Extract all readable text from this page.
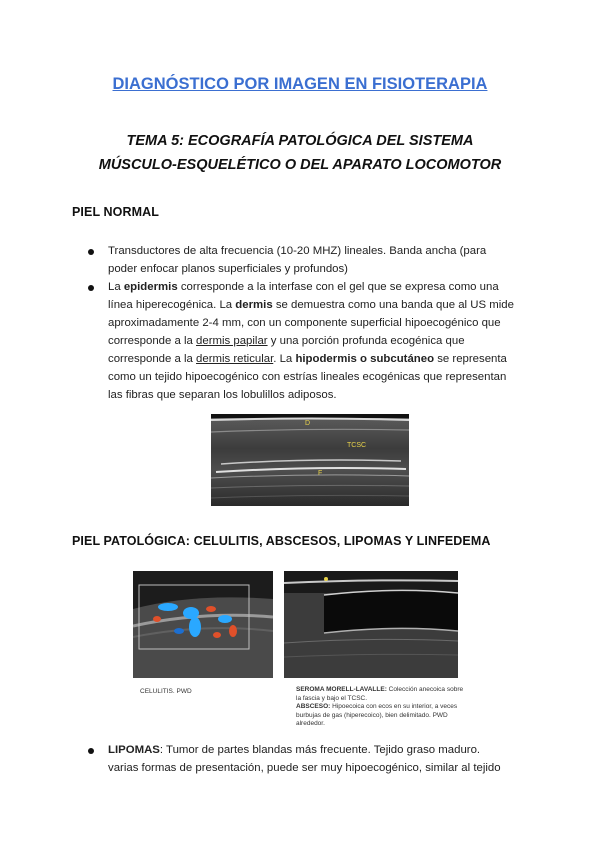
DIAGNÓSTICO POR IMAGEN EN FISIOTERAPIA
TEMA 5: ECOGRAFÍA PATOLÓGICA DEL SISTEMA
MÚSCULO-ESQUELÉTICO O DEL APARATO LOCOMOTOR
PIEL NORMAL
Transductores de alta frecuencia (10-20 MHZ) lineales. Banda ancha (para
poder enfocar planos superficiales y profundos)
La epidermis corresponde a la interfase con el gel que se expresa como una
línea hiperecogénica. La dermis se demuestra como una banda que al US mide
aproximadamente 2-4 mm, con un componente superficial hipoecogénico que
corresponde a la dermis papilar y una porción profunda ecogénica que
corresponde a la dermis reticular. La hipodermis o subcutáneo se representa
como un tejido hipoecogénico con estrías lineales ecogénicas que representan
las fibras que separan los lobulillos adiposos.
D
TCSC
F
PIEL PATOLÓGICA: CELULITIS, ABSCESOS, LIPOMAS Y LINFEDEMA
CELULITIS. PWD	SEROMA MORELL-LAVALLE: Colección anecoica sobre
la fascia y bajo el TCSC.
ABSCESO: Hipoecoica con ecos en su interior, a veces
burbujas de gas (hiperecoico), bien delimitado. PWD
alrededor.
LIPOMAS: Tumor de partes blandas más frecuente. Tejido graso maduro.
varias formas de presentación, puede ser muy hipoecogénico, similar al tejido
